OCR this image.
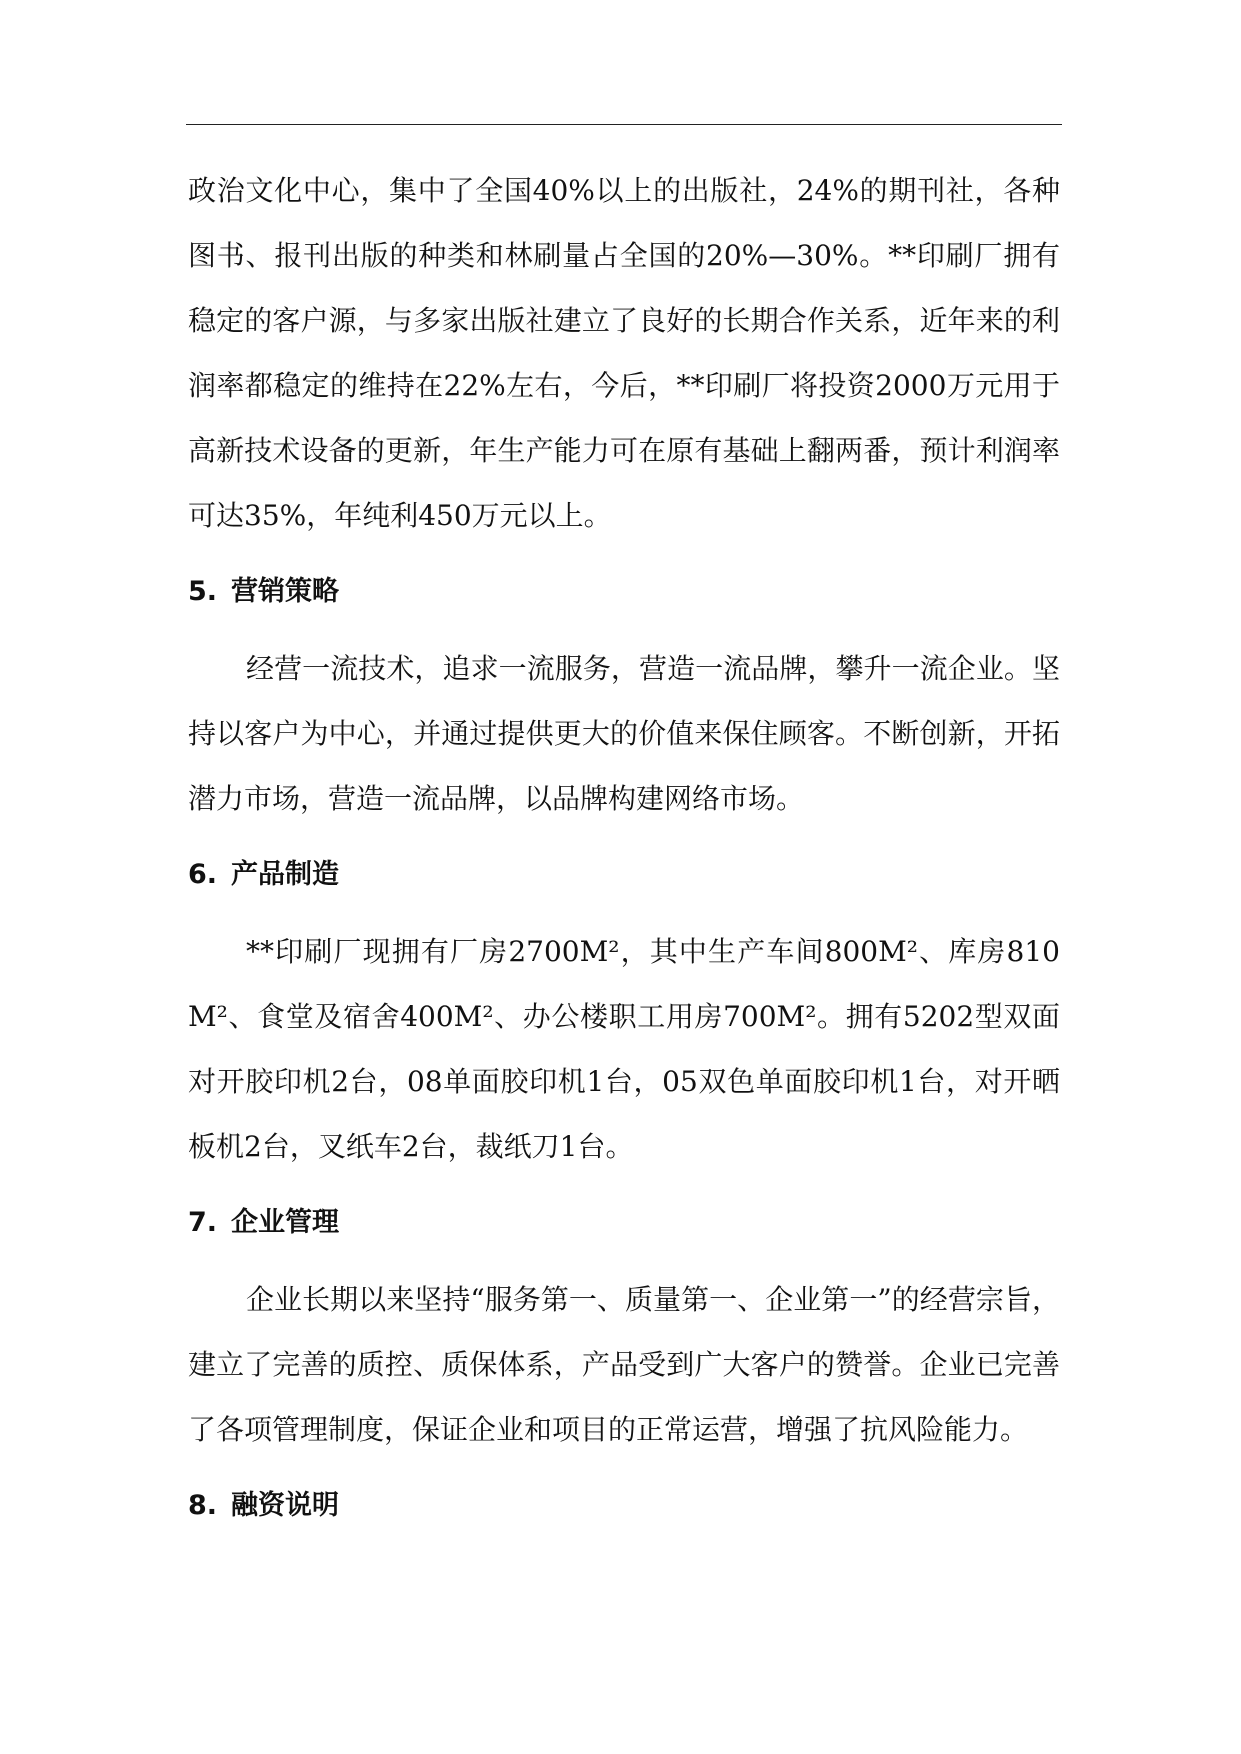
政治文化中心，集中了全国40%以上的出版社，24%的期刊社，各种图书、报刊出版的种类和林刷量占全国的20%—30%。**印刷厂拥有稳定的客户源，与多家出版社建立了良好的长期合作关系，近年来的利润率都稳定的维持在22%左右，今后，**印刷厂将投资2000万元用于高新技术设备的更新，年生产能力可在原有基础上翻两番，预计利润率可达35%，年纯利450万元以上。

5. 营销策略

经营一流技术，追求一流服务，营造一流品牌，攀升一流企业。坚持以客户为中心，并通过提供更大的价值来保住顾客。不断创新，开拓潜力市场，营造一流品牌，以品牌构建网络市场。

6. 产品制造

**印刷厂现拥有厂房2700M²，其中生产车间800M²、库房810M²、食堂及宿舍400M²、办公楼职工用房700M²。拥有5202型双面对开胶印机2台，08单面胶印机1台，05双色单面胶印机1台，对开晒板机2台，叉纸车2台，裁纸刀1台。

7. 企业管理

企业长期以来坚持“服务第一、质量第一、企业第一”的经营宗旨，建立了完善的质控、质保体系，产品受到广大客户的赞誉。企业已完善了各项管理制度，保证企业和项目的正常运营，增强了抗风险能力。

8. 融资说明
